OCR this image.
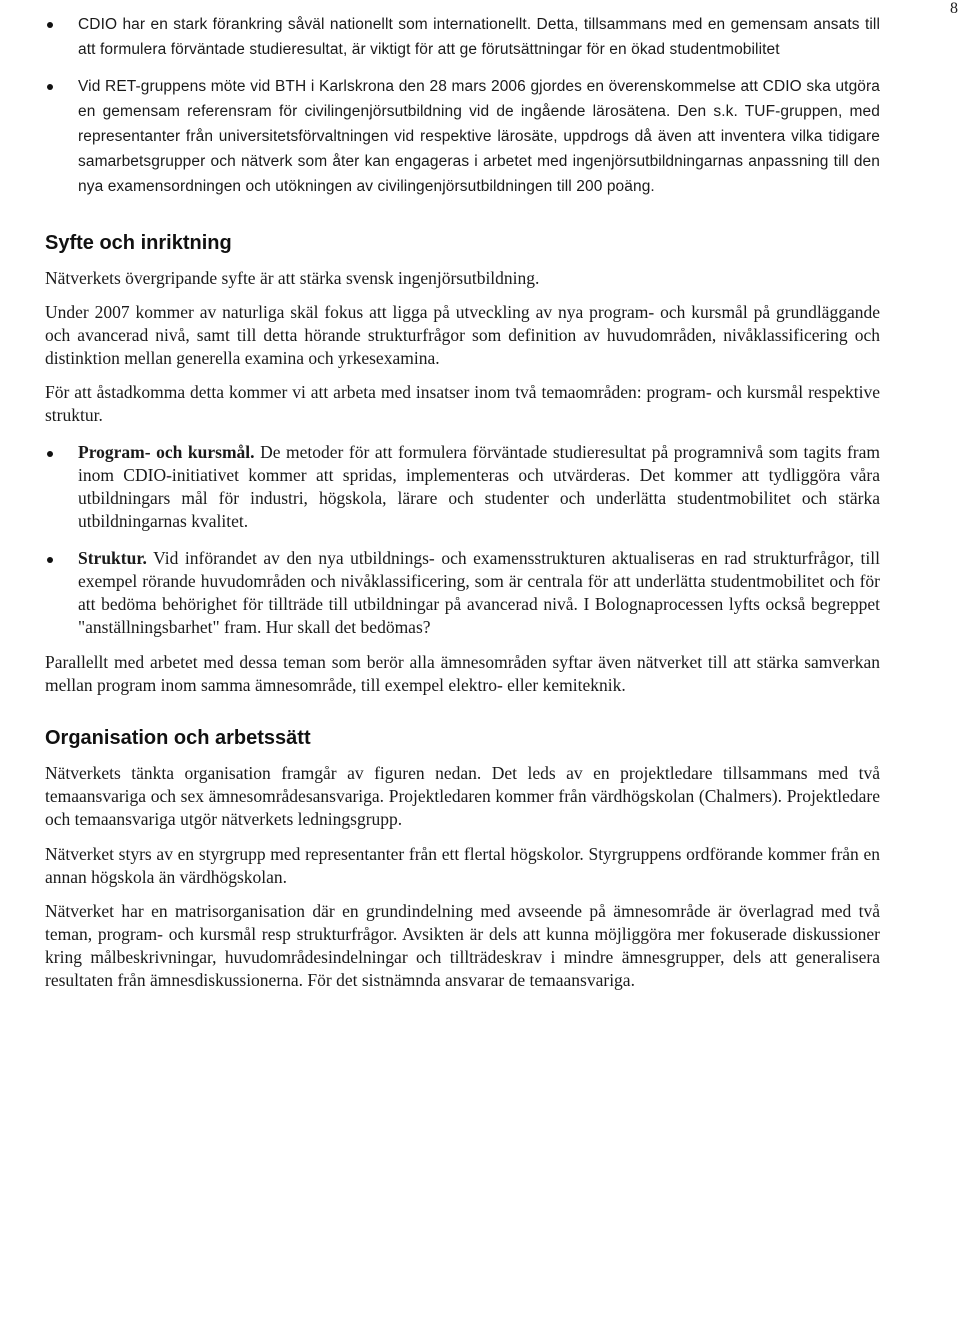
8

CDIO har en stark förankring såväl nationellt som internationellt. Detta, tillsammans med en gemensam ansats till att formulera förväntade studieresultat, är viktigt för att ge förutsättningar för en ökad studentmobilitet

Vid RET-gruppens möte vid BTH i Karlskrona den 28 mars 2006 gjordes en överenskommelse att CDIO ska utgöra en gemensam referensram för civilingenjörsutbildning vid de ingående lärosätena. Den s.k. TUF-gruppen, med representanter från universitetsförvaltningen vid respektive lärosäte, uppdrogs då även att inventera vilka tidigare samarbetsgrupper och nätverk som åter kan engageras i arbetet med ingenjörsutbildningarnas anpassning till den nya examensordningen och utökningen av civilingenjörsutbildningen till 200 poäng.

Syfte och inriktning

Nätverkets övergripande syfte är att stärka svensk ingenjörsutbildning.

Under 2007 kommer av naturliga skäl fokus att ligga på utveckling av nya program- och kursmål på grundläggande och avancerad nivå, samt till detta hörande strukturfrågor som definition av huvudområden, nivåklassificering och distinktion mellan generella examina och yrkesexamina.

För att åstadkomma detta kommer vi att arbeta med insatser inom två temaområden: program- och kursmål respektive struktur.

Program- och kursmål. De metoder för att formulera förväntade studieresultat på programnivå som tagits fram inom CDIO-initiativet kommer att spridas, implementeras och utvärderas. Det kommer att tydliggöra våra utbildningars mål för industri, högskola, lärare och studenter och underlätta studentmobilitet och stärka utbildningarnas kvalitet.

Struktur. Vid införandet av den nya utbildnings- och examensstrukturen aktualiseras en rad strukturfrågor, till exempel rörande huvudområden och nivåklassificering, som är centrala för att underlätta studentmobilitet och för att bedöma behörighet för tillträde till utbildningar på avancerad nivå. I Bolognaprocessen lyfts också begreppet "anställningsbarhet" fram. Hur skall det bedömas?

Parallellt med arbetet med dessa teman som berör alla ämnesområden syftar även nätverket till att stärka samverkan mellan program inom samma ämnesområde, till exempel elektro- eller kemiteknik.

Organisation och arbetssätt

Nätverkets tänkta organisation framgår av figuren nedan. Det leds av en projektledare tillsammans med två temaansvariga och sex ämnesområdesansvariga. Projektledaren kommer från värdhögskolan (Chalmers). Projektledare och temaansvariga utgör nätverkets ledningsgrupp.

Nätverket styrs av en styrgrupp med representanter från ett flertal högskolor. Styrgruppens ordförande kommer från en annan högskola än värdhögskolan.

Nätverket har en matrisorganisation där en grundindelning med avseende på ämnesområde är överlagrad med två teman, program- och kursmål resp strukturfrågor. Avsikten är dels att kunna möjliggöra mer fokuserade diskussioner kring målbeskrivningar, huvudområdesindelningar och tillträdeskrav i mindre ämnesgrupper, dels att generalisera resultaten från ämnesdiskussionerna. För det sistnämnda ansvarar de temaansvariga.
